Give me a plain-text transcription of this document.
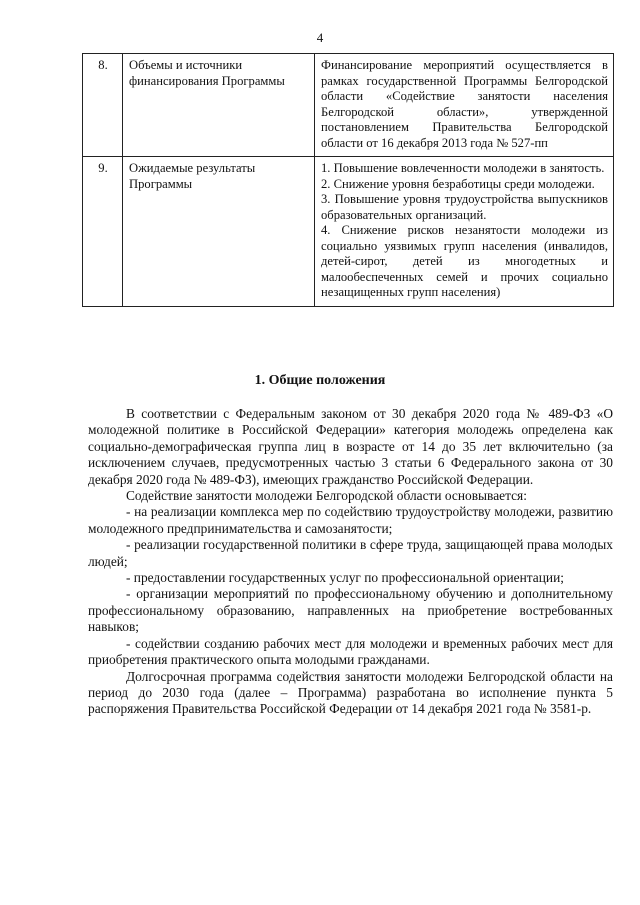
4
8.	Объемы и источники финансирования Программы	Финансирование мероприятий осуществляется в рамках государственной Программы Белгородской области «Содействие занятости населения Белгородской области», утвержденной постановлением Правительства Белгородской области от 16 декабря 2013 года № 527-пп

9.	Ожидаемые результаты Программы	1. Повышение вовлеченности молодежи в занятость.

2. Снижение уровня безработицы среди молодежи.

3. Повышение уровня трудоустройства выпускников образовательных организаций.

4. Снижение рисков незанятости молодежи из социально уязвимых групп населения (инвалидов, детей-сирот, детей из многодетных и малообеспеченных семей и прочих социально незащищенных групп населения)

1. Общие положения

В соответствии с Федеральным законом от 30 декабря 2020 года № 489-ФЗ «О молодежной политике в Российской Федерации» категория молодежь определена как социально-демографическая группа лиц в возрасте от 14 до 35 лет включительно (за исключением случаев, предусмотренных частью 3 статьи 6 Федерального закона от 30 декабря 2020 года № 489-ФЗ), имеющих гражданство Российской Федерации.

Содействие занятости молодежи Белгородской области основывается:

- на реализации комплекса мер по содействию трудоустройству молодежи, развитию молодежного предпринимательства и самозанятости;

- реализации государственной политики в сфере труда, защищающей права молодых людей;

- предоставлении государственных услуг по профессиональной ориентации;

- организации мероприятий по профессиональному обучению и дополнительному профессиональному образованию, направленных на приобретение востребованных навыков;

- содействии созданию рабочих мест для молодежи и временных рабочих мест для приобретения практического опыта молодыми гражданами.

Долгосрочная программа содействия занятости молодежи Белгородской области на период до 2030 года (далее – Программа) разработана во исполнение пункта 5 распоряжения Правительства Российской Федерации от 14 декабря 2021 года № 3581-р.
